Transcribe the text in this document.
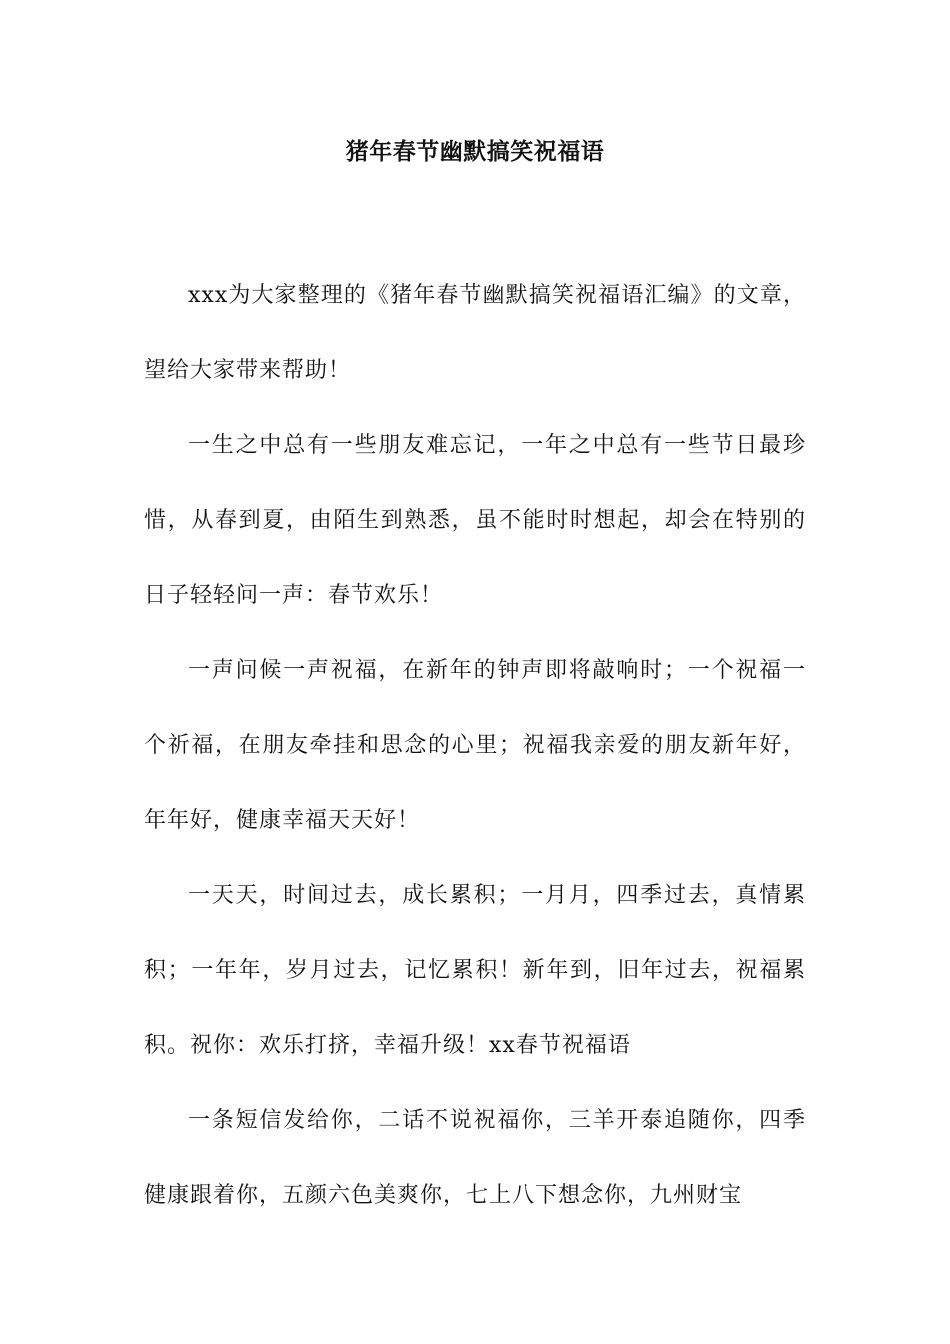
猪年春节幽默搞笑祝福语

xxx为大家整理的《猪年春节幽默搞笑祝福语汇编》的文章，望给大家带来帮助！

一生之中总有一些朋友难忘记，一年之中总有一些节日最珍惜，从春到夏，由陌生到熟悉，虽不能时时想起，却会在特别的日子轻轻问一声：春节欢乐！

一声问候一声祝福，在新年的钟声即将敲响时；一个祝福一个祈福，在朋友牵挂和思念的心里；祝福我亲爱的朋友新年好，年年好，健康幸福天天好！

一天天，时间过去，成长累积；一月月，四季过去，真情累积；一年年，岁月过去，记忆累积！新年到，旧年过去，祝福累积。祝你：欢乐打挤，幸福升级！xx春节祝福语

一条短信发给你，二话不说祝福你，三羊开泰追随你，四季健康跟着你，五颜六色美爽你，七上八下想念你，九州财宝
